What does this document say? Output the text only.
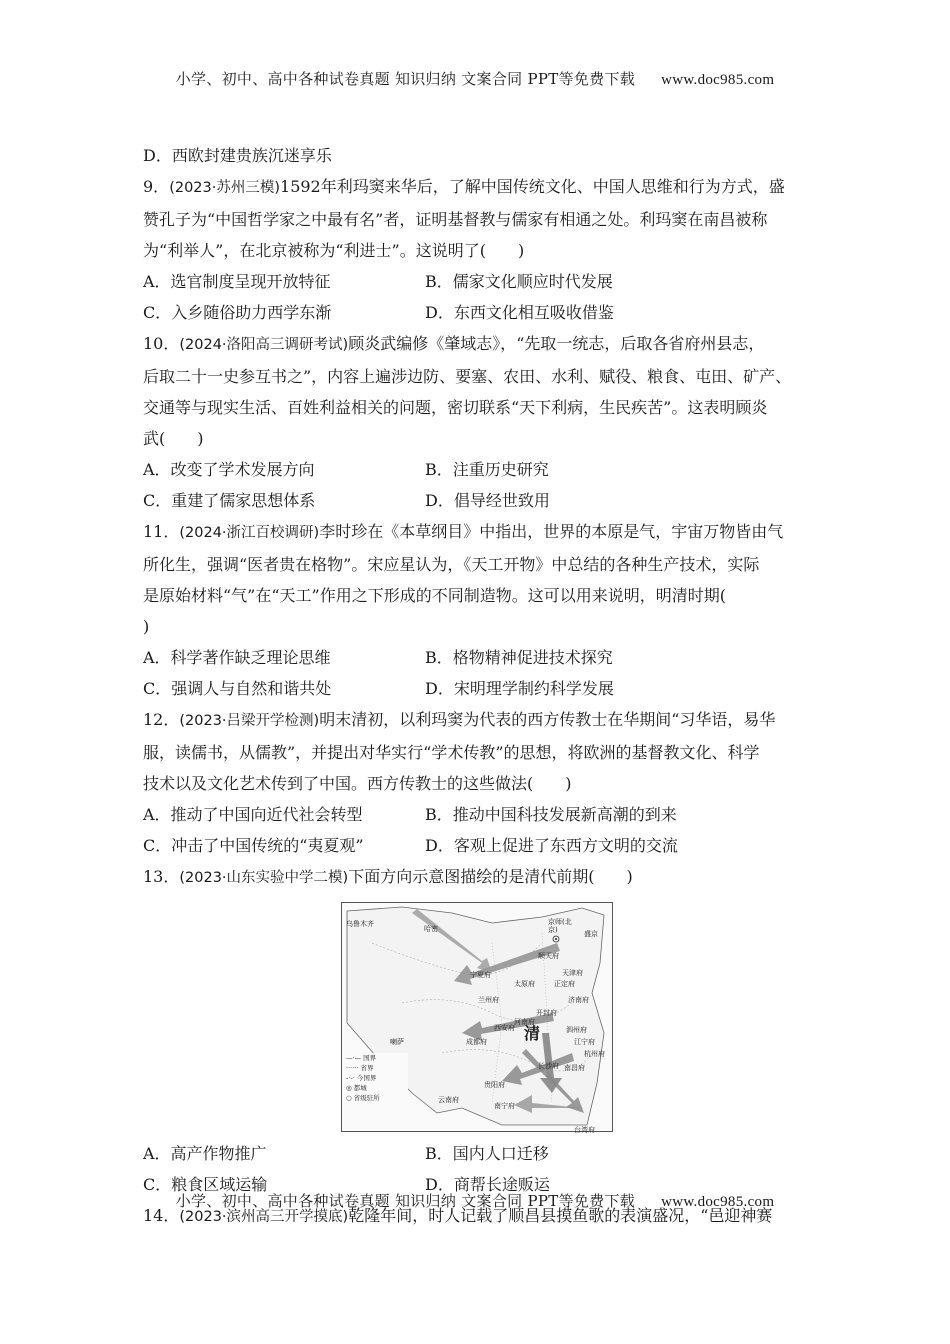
小学、初中、高中各种试卷真题 知识归纳 文案合同 PPT等免费下载 www.doc985.com
D．西欧封建贵族沉迷享乐
9．(2023·苏州三模)1592年利玛窦来华后，了解中国传统文化、中国人思维和行为方式，盛
赞孔子为“中国哲学家之中最有名”者，证明基督教与儒家有相通之处。利玛窦在南昌被称
为“利举人”，在北京被称为“利进士”。这说明了(　　)
A．选官制度呈现开放特征	B．儒家文化顺应时代发展
C．入乡随俗助力西学东渐	D．东西文化相互吸收借鉴
10．(2024·洛阳高三调研考试)顾炎武编修《肇域志》，“先取一统志，后取各省府州县志，
后取二十一史参互书之”，内容上遍涉边防、要塞、农田、水利、赋役、粮食、屯田、矿产、
交通等与现实生活、百姓利益相关的问题，密切联系“天下利病，生民疾苦”。这表明顾炎
武(　　)
A．改变了学术发展方向	B．注重历史研究
C．重建了儒家思想体系	D．倡导经世致用
11．(2024·浙江百校调研)李时珍在《本草纲目》中指出，世界的本原是气，宇宙万物皆由气
所化生，强调“医者贵在格物”。宋应星认为，《天工开物》中总结的各种生产技术，实际
是原始材料“气”在“天工”作用之下形成的不同制造物。这可以用来说明，明清时期(
)
A．科学著作缺乏理论思维	B．格物精神促进技术探究
C．强调人与自然和谐共处	D．宋明理学制约科学发展
12．(2023·吕梁开学检测)明末清初，以利玛窦为代表的西方传教士在华期间“习华语，易华
服，读儒书，从儒教”，并提出对华实行“学术传教”的思想，将欧洲的基督教文化、科学
技术以及文化艺术传到了中国。西方传教士的这些做法(　　)
A．推动了中国向近代社会转型	B．推动中国科技发展新高潮的到来
C．冲击了中国传统的“夷夏观”	D．客观上促进了东西方文明的交流
13．(2023·山东实验中学二模)下面方向示意图描绘的是清代前期(　　)
乌鲁木齐
哈密
京师(北京)
顺天府
盛京
宁夏府
兰州府
太原府
天津府
正定府
开封府
济南府
西安府
河南府
泗州府
江宁府
成都府
喇萨
长沙府 南昌府
杭州府
贵阳府
云南府
南宁府
台湾府
清
—·— 国界
······ 省界
-·-· 今国界
◎ 都城
○ 省级驻所
A．高产作物推广	B．国内人口迁移
C．粮食区域运输	D．商帮长途贩运
14．(2023·滨州高三开学摸底)乾隆年间，时人记载了顺昌县摸鱼歌的表演盛况，“邑迎神赛
小学、初中、高中各种试卷真题 知识归纳 文案合同 PPT等免费下载 www.doc985.com
